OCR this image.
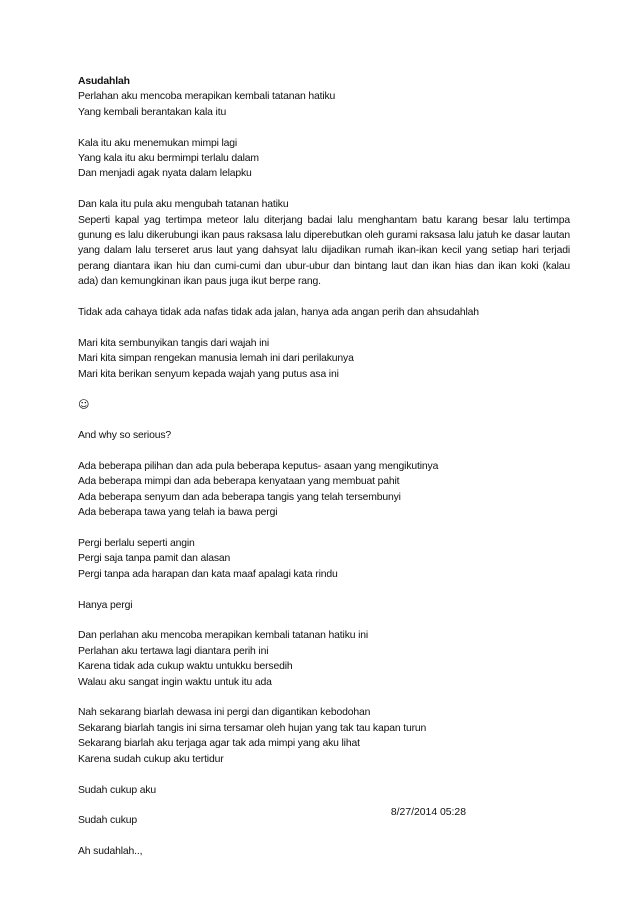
Asudahlah
Perlahan aku mencoba merapikan kembali tatanan hatiku
Yang kembali berantakan kala itu
Kala itu aku menemukan mimpi lagi
Yang kala itu aku bermimpi terlalu dalam
Dan menjadi agak nyata dalam lelapku
Dan kala itu pula aku mengubah tatanan hatiku
Seperti kapal yag tertimpa meteor lalu diterjang badai lalu menghantam batu karang besar lalu tertimpa gunung es lalu dikerubungi ikan paus raksasa lalu diperebutkan oleh gurami raksasa lalu jatuh ke dasar lautan yang dalam lalu terseret arus laut yang dahsyat lalu dijadikan rumah ikan-ikan kecil yang setiap hari terjadi perang diantara ikan hiu dan cumi-cumi dan ubur-ubur dan bintang laut dan ikan hias dan ikan koki (kalau ada) dan kemungkinan ikan paus juga ikut berpe rang.
Tidak ada cahaya tidak ada nafas tidak ada jalan, hanya ada angan perih dan ahsudahlah
Mari kita sembunyikan tangis dari wajah ini
Mari kita simpan rengekan manusia lemah ini dari perilakunya
Mari kita berikan senyum kepada wajah yang putus asa ini
☺
And why so serious?
Ada beberapa pilihan dan ada pula beberapa keputus- asaan yang mengikutinya
Ada beberapa mimpi dan ada beberapa kenyataan yang membuat pahit
Ada beberapa senyum dan ada beberapa tangis yang telah tersembunyi
Ada beberapa tawa yang telah ia bawa pergi
Pergi berlalu seperti angin
Pergi saja tanpa pamit dan alasan
Pergi tanpa ada harapan dan kata maaf apalagi kata rindu
Hanya pergi
Dan perlahan aku mencoba merapikan kembali tatanan hatiku ini
Perlahan aku tertawa lagi diantara perih ini
Karena tidak ada cukup waktu untukku bersedih
Walau aku sangat ingin waktu untuk itu ada
Nah sekarang biarlah dewasa ini pergi dan digantikan kebodohan
Sekarang biarlah tangis ini sirna tersamar oleh hujan yang tak tau kapan turun
Sekarang biarlah aku terjaga agar tak ada mimpi yang aku lihat
Karena sudah cukup aku tertidur
Sudah cukup aku
Sudah cukup
Ah sudahlah..,
8/27/2014 05:28
